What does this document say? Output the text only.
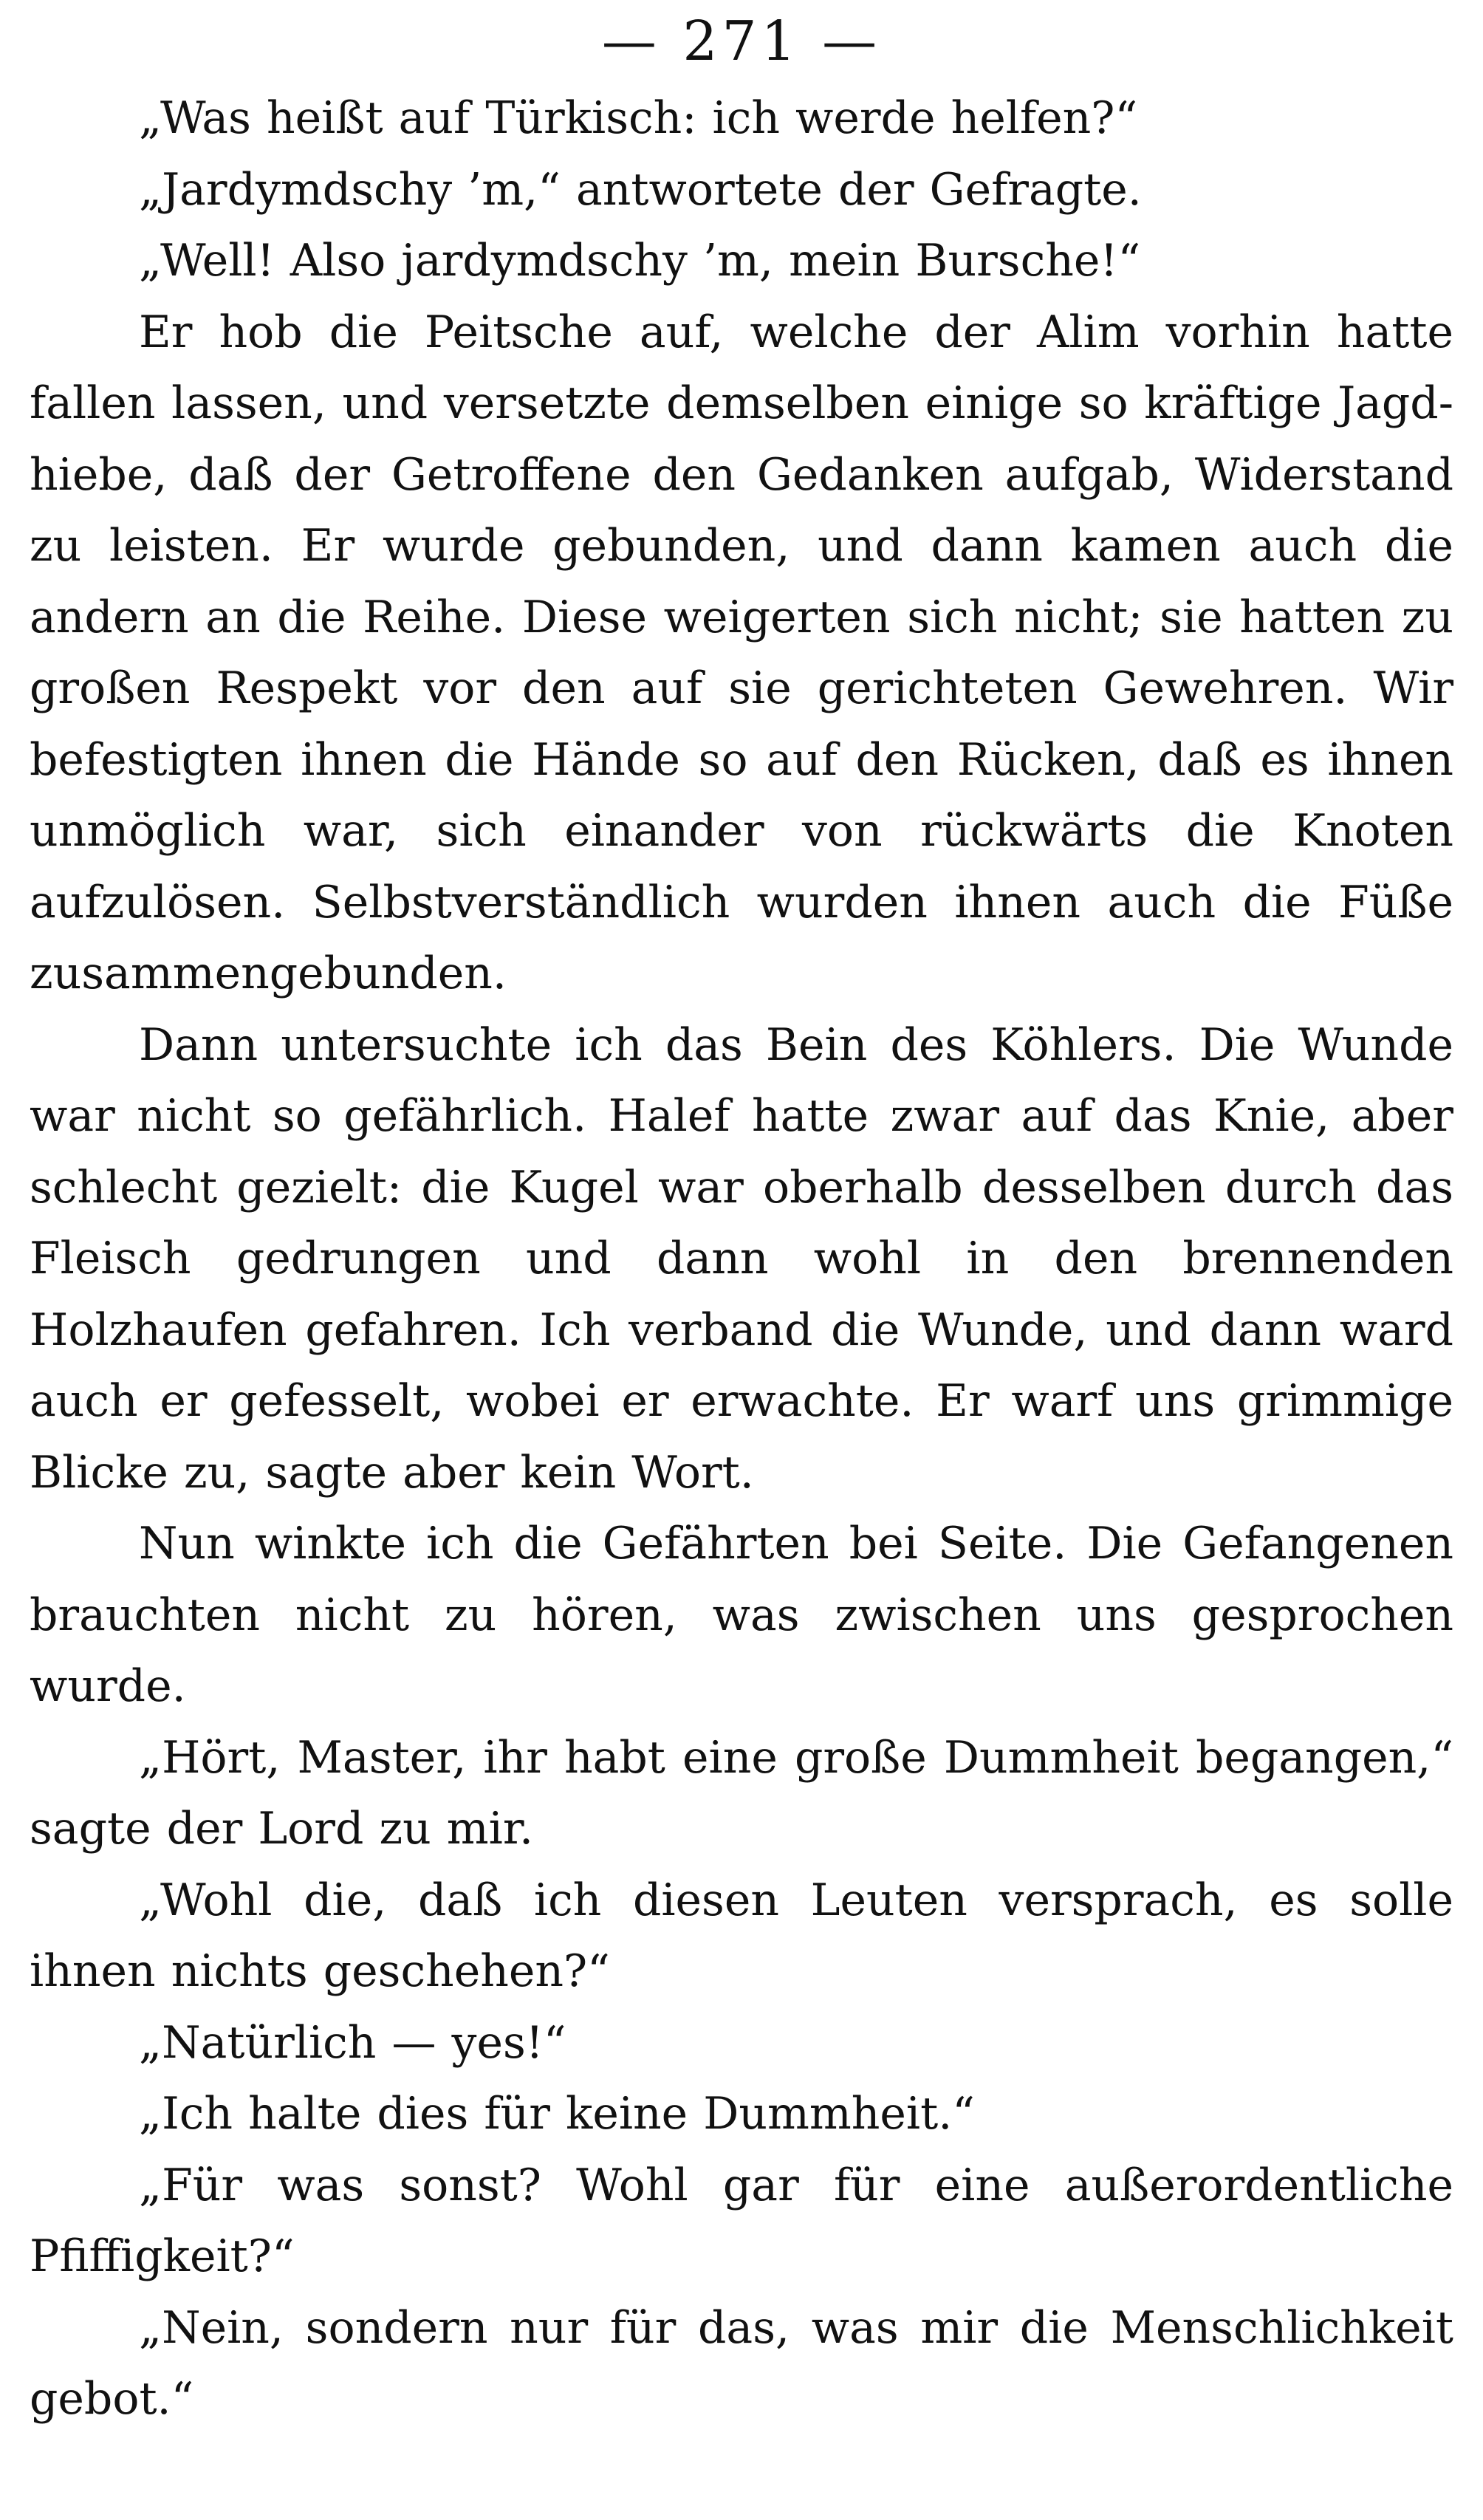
— 271 —

„Was heißt auf Türkisch: ich werde helfen?“

„Jardymdschy ’m,“ antwortete der Gefragte.

„Well! Also jardymdschy ’m, mein Bursche!“

Er hob die Peitsche auf, welche der Alim vorhin hatte fallen lassen, und versetzte demselben einige so kräftige Jagdhiebe, daß der Getroffene den Gedanken aufgab, Widerstand zu leisten. Er wurde gebunden, und dann kamen auch die andern an die Reihe. Diese weigerten sich nicht; sie hatten zu großen Respekt vor den auf sie gerichteten Gewehren. Wir befestigten ihnen die Hände so auf den Rücken, daß es ihnen unmöglich war, sich einander von rückwärts die Knoten aufzulösen. Selbstverständlich wurden ihnen auch die Füße zusammengebunden.

Dann untersuchte ich das Bein des Köhlers. Die Wunde war nicht so gefährlich. Halef hatte zwar auf das Knie, aber schlecht gezielt: die Kugel war oberhalb desselben durch das Fleisch gedrungen und dann wohl in den brennenden Holzhaufen gefahren. Ich verband die Wunde, und dann ward auch er gefesselt, wobei er erwachte. Er warf uns grimmige Blicke zu, sagte aber kein Wort.

Nun winkte ich die Gefährten bei Seite. Die Gefangenen brauchten nicht zu hören, was zwischen uns gesprochen wurde.

„Hört, Master, ihr habt eine große Dummheit begangen,“ sagte der Lord zu mir.

„Wohl die, daß ich diesen Leuten versprach, es solle ihnen nichts geschehen?“

„Natürlich — yes!“

„Ich halte dies für keine Dummheit.“

„Für was sonst? Wohl gar für eine außerordentliche Pfiffigkeit?“

„Nein, sondern nur für das, was mir die Menschlichkeit gebot.“
